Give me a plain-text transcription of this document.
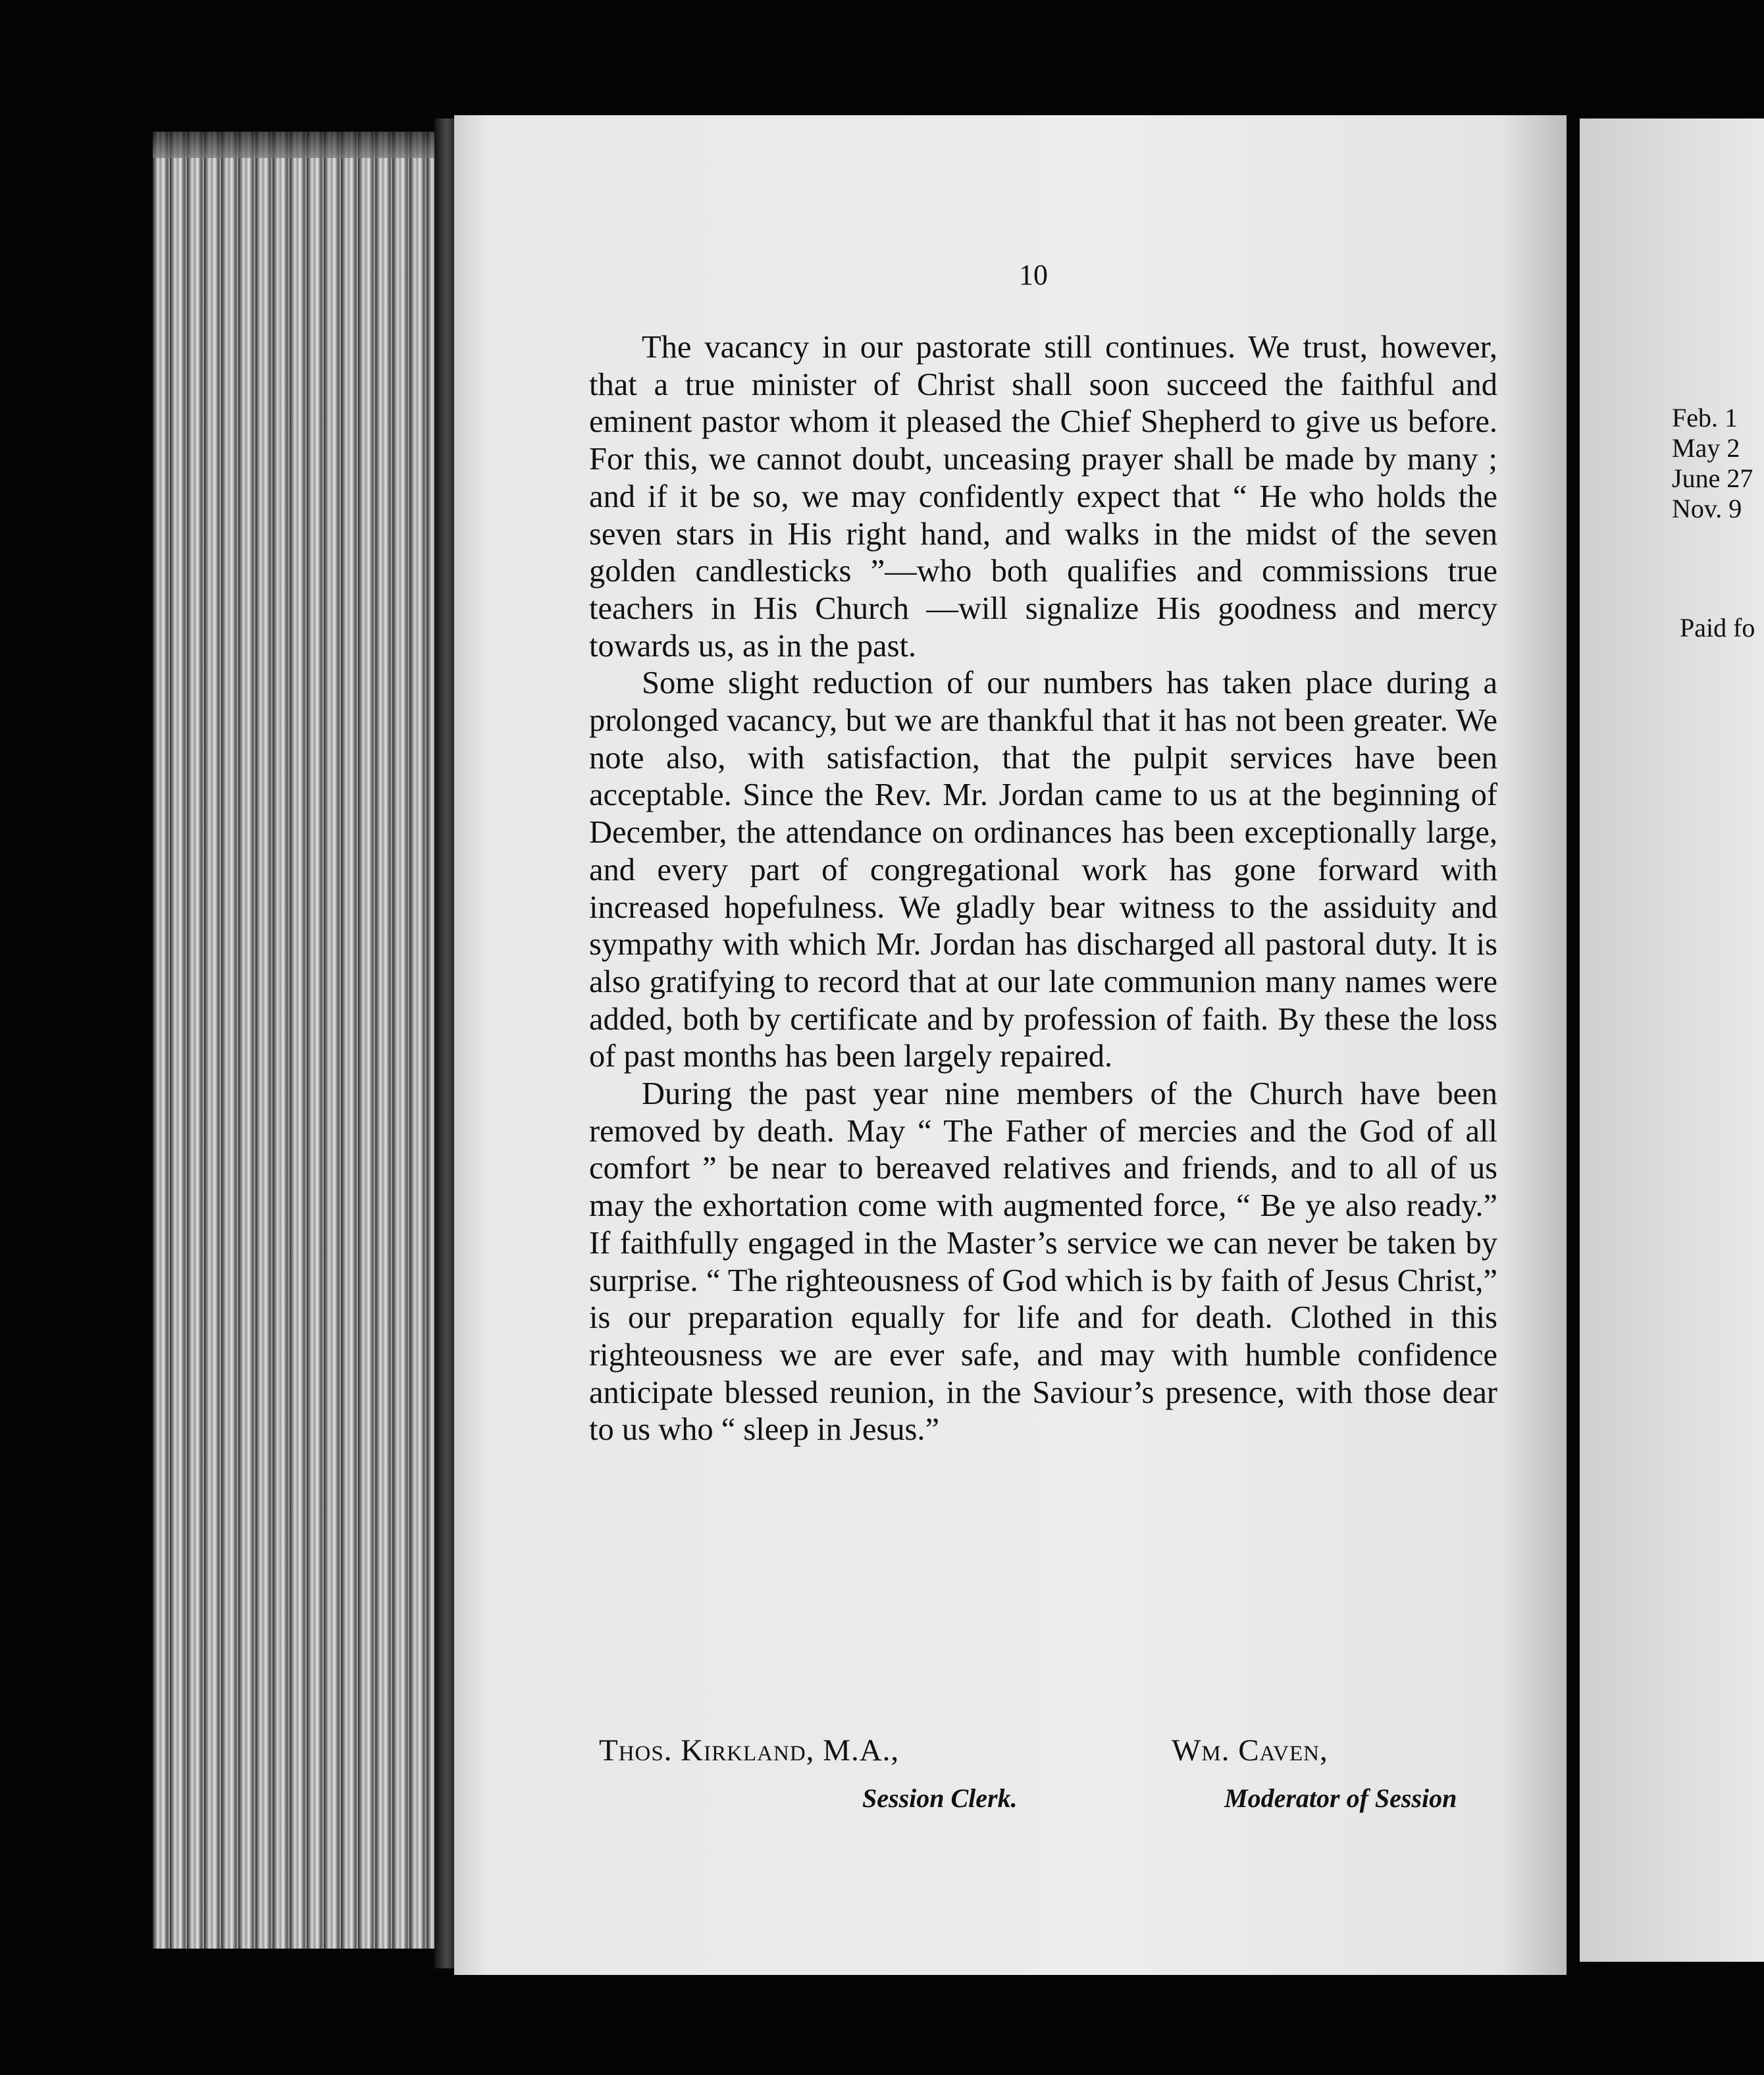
10

The vacancy in our pastorate still continues. We trust, however, that a true minister of Christ shall soon succeed the faithful and eminent pastor whom it pleased the Chief Shepherd to give us before. For this, we cannot doubt, unceasing prayer shall be made by many ; and if it be so, we may confidently expect that “ He who holds the seven stars in His right hand, and walks in the midst of the seven golden candlesticks ”—who both qualifies and commissions true teachers in His Church —will signalize His goodness and mercy towards us, as in the past.

Some slight reduction of our numbers has taken place during a prolonged vacancy, but we are thankful that it has not been greater. We note also, with satisfaction, that the pulpit services have been acceptable. Since the Rev. Mr. Jordan came to us at the beginning of December, the attendance on ordinances has been exceptionally large, and every part of congregational work has gone forward with increased hopefulness. We gladly bear witness to the assiduity and sympathy with which Mr. Jordan has discharged all pastoral duty. It is also gratifying to record that at our late communion many names were added, both by certificate and by profession of faith. By these the loss of past months has been largely repaired.

During the past year nine members of the Church have been removed by death. May “ The Father of mercies and the God of all comfort ” be near to bereaved relatives and friends, and to all of us may the exhortation come with augmented force, “ Be ye also ready.” If faithfully engaged in the Master’s service we can never be taken by surprise. “ The righteousness of God which is by faith of Jesus Christ,” is our preparation equally for life and for death. Clothed in this righteousness we are ever safe, and may with humble confidence anticipate blessed reunion, in the Saviour’s presence, with those dear to us who “ sleep in Jesus.”

Thos. Kirkland, M.A.,
Session Clerk.
Wm. Caven,
Moderator of Session
Feb. 1
May 2
June 27
Nov. 9
Paid fo
